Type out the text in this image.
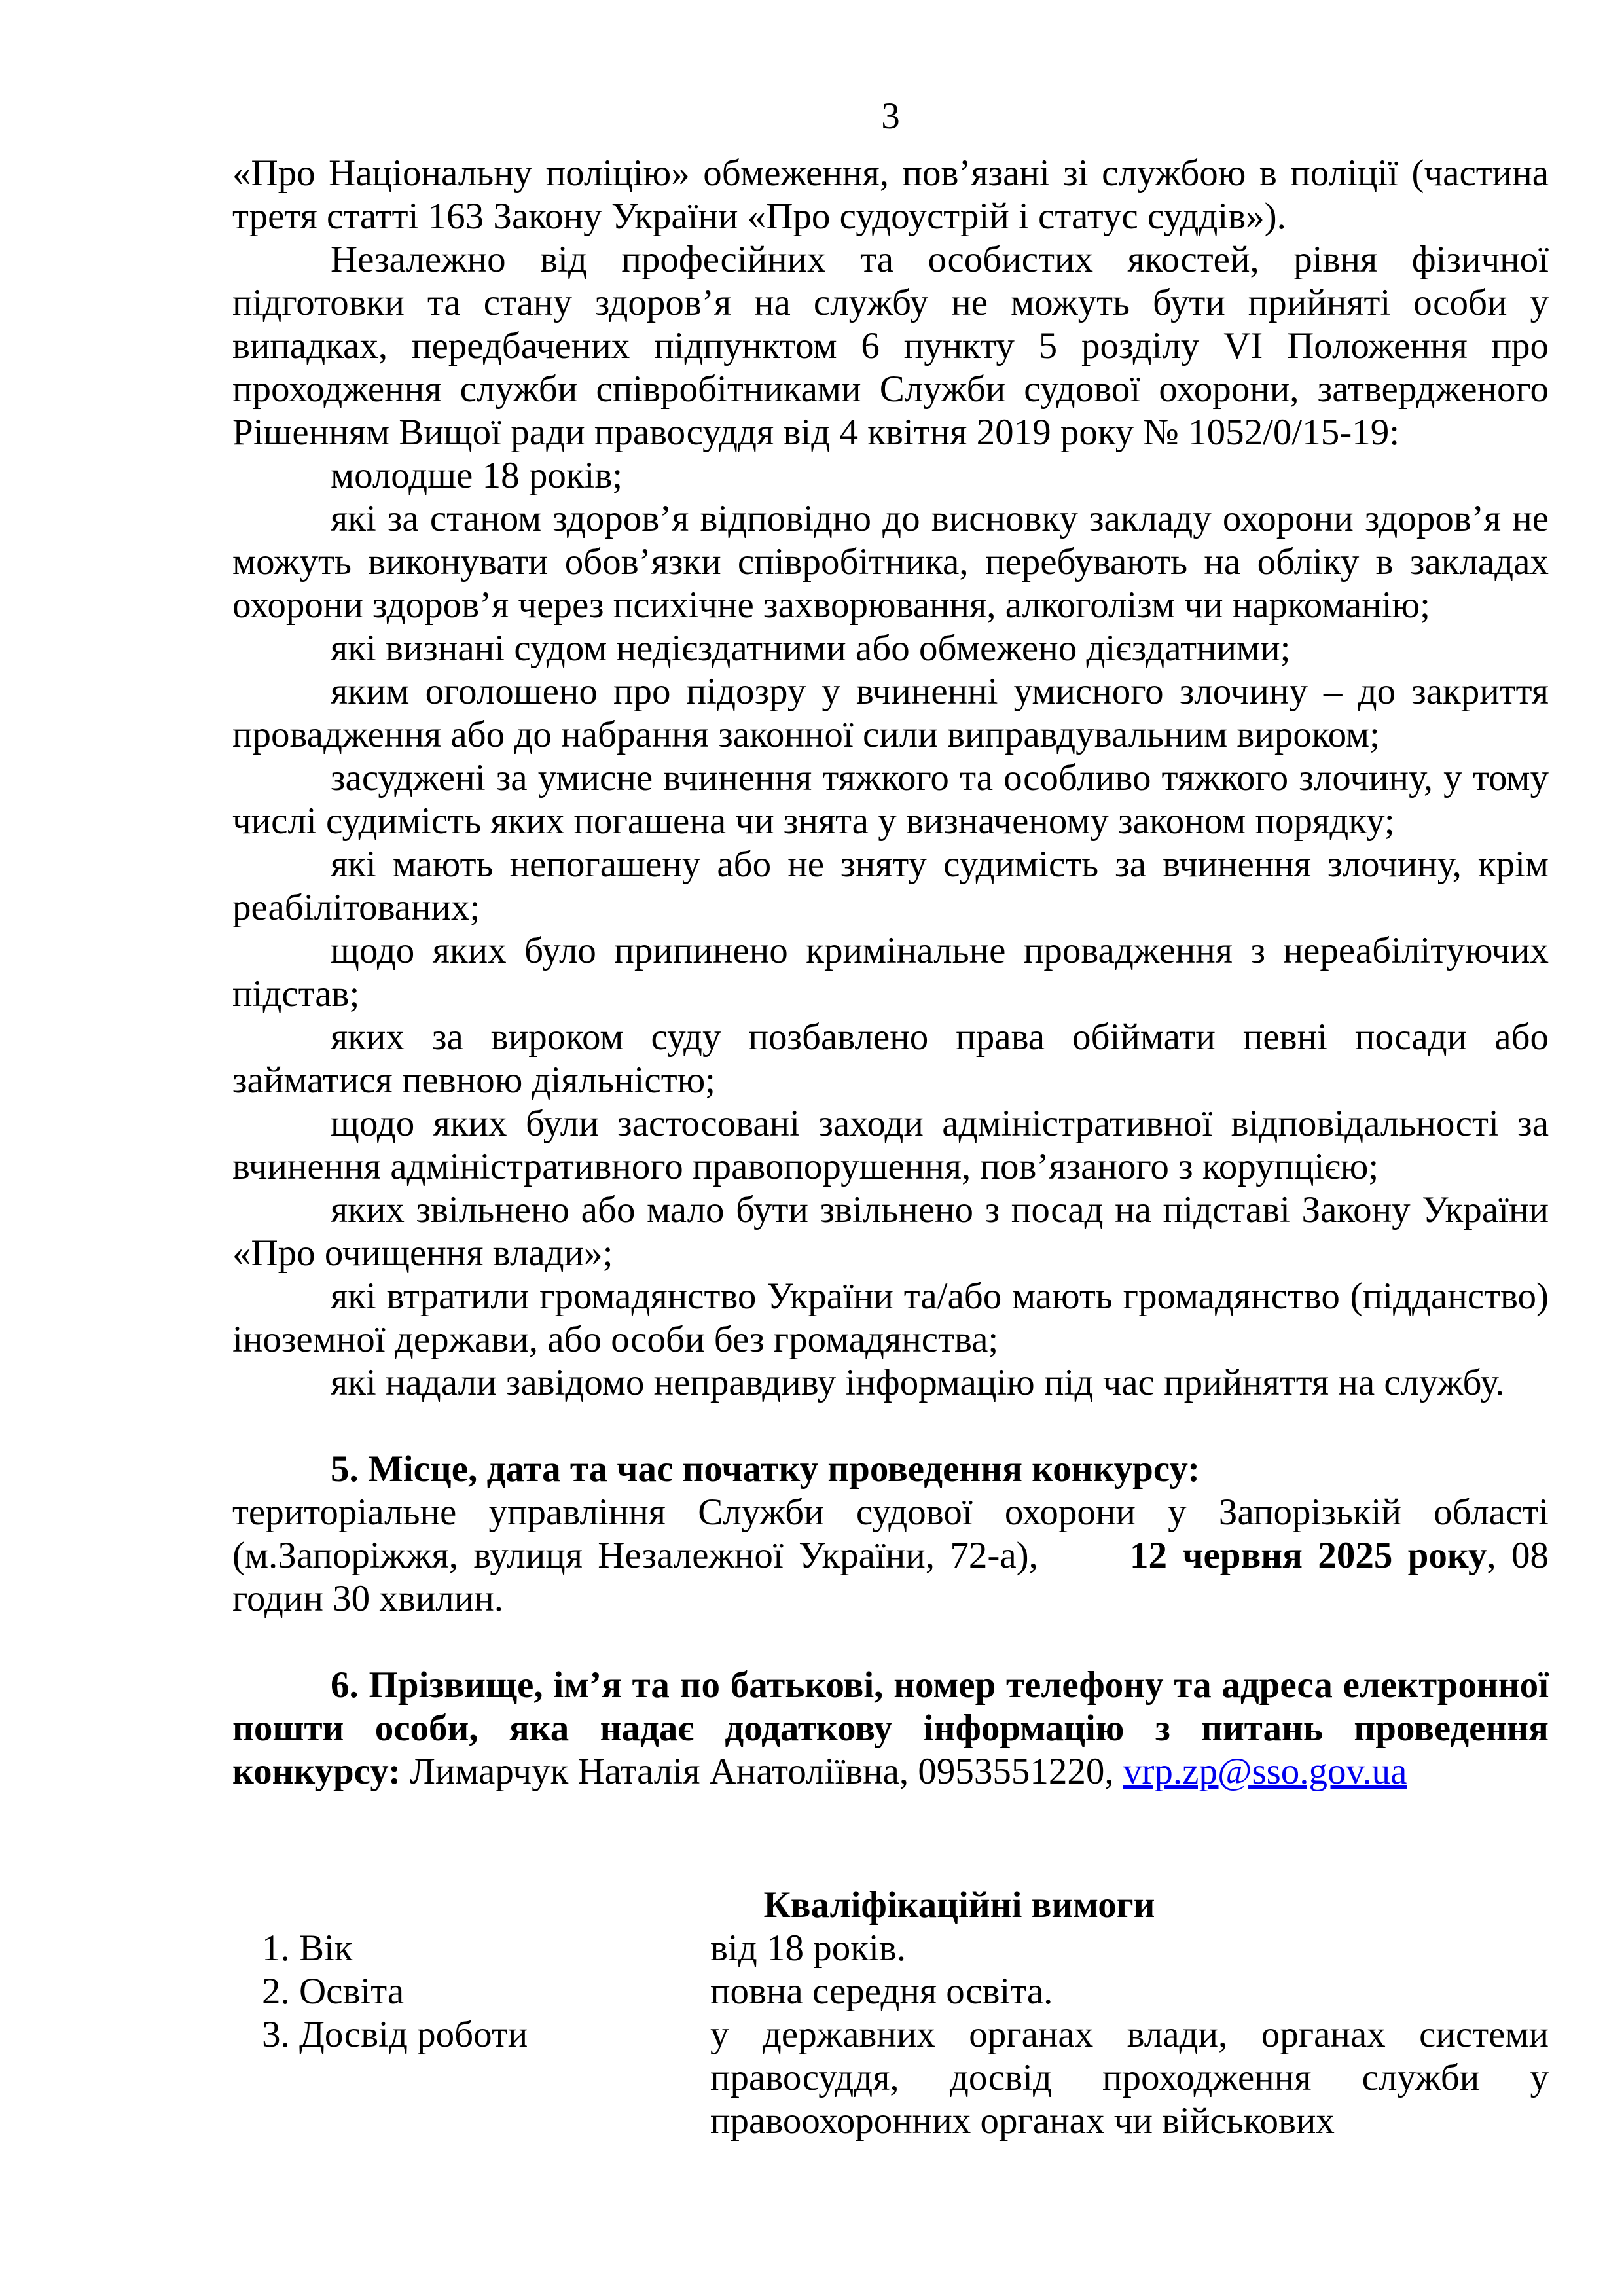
3

«Про Національну поліцію» обмеження, пов’язані зі службою в поліції (частина третя статті 163 Закону України «Про судоустрій і статус суддів»).

Незалежно від професійних та особистих якостей, рівня фізичної підготовки та стану здоров’я на службу не можуть бути прийняті особи у випадках, передбачених підпунктом 6 пункту 5 розділу VI Положення про проходження служби співробітниками Служби судової охорони, затвердженого Рішенням Вищої ради правосуддя від 4 квітня 2019 року № 1052/0/15-19:

молодше 18 років;

які за станом здоров’я відповідно до висновку закладу охорони здоров’я не можуть виконувати обов’язки співробітника, перебувають на обліку в закладах охорони здоров’я через психічне захворювання, алкоголізм чи наркоманію;

які визнані судом недієздатними або обмежено дієздатними;

яким оголошено про підозру у вчиненні умисного злочину – до закриття провадження або до набрання законної сили виправдувальним вироком;

засуджені за умисне вчинення тяжкого та особливо тяжкого злочину, у тому числі судимість яких погашена чи знята у визначеному законом порядку;

які мають непогашену або не зняту судимість за вчинення злочину, крім реабілітованих;

щодо яких було припинено кримінальне провадження з нереабілітуючих підстав;

яких за вироком суду позбавлено права обіймати певні посади або займатися певною діяльністю;

щодо яких були застосовані заходи адміністративної відповідальності за вчинення адміністративного правопорушення, пов’язаного з корупцією;

яких звільнено або мало бути звільнено з посад на підставі Закону України «Про очищення влади»;

які втратили громадянство України та/або мають громадянство (підданство) іноземної держави, або особи без громадянства;

які надали завідомо неправдиву інформацію під час прийняття на службу.

5. Місце, дата та час початку проведення конкурсу:

територіальне управління Служби судової охорони у Запорізькій області (м.Запоріжжя, вулиця Незалежної України, 72-а), 12 червня 2025 року, 08 годин 30 хвилин.

6. Прізвище, ім’я та по батькові, номер телефону та адреса електронної пошти особи, яка надає додаткову інформацію з питань проведення конкурсу: Лимарчук Наталія Анатоліївна, 0953551220, vrp.zp@sso.gov.ua

Кваліфікаційні вимоги
1. Вік	від 18 років.
2. Освіта	повна середня освіта.
3. Досвід роботи	у державних органах влади, органах системи правосуддя, досвід проходження служби у правоохоронних органах чи військових
